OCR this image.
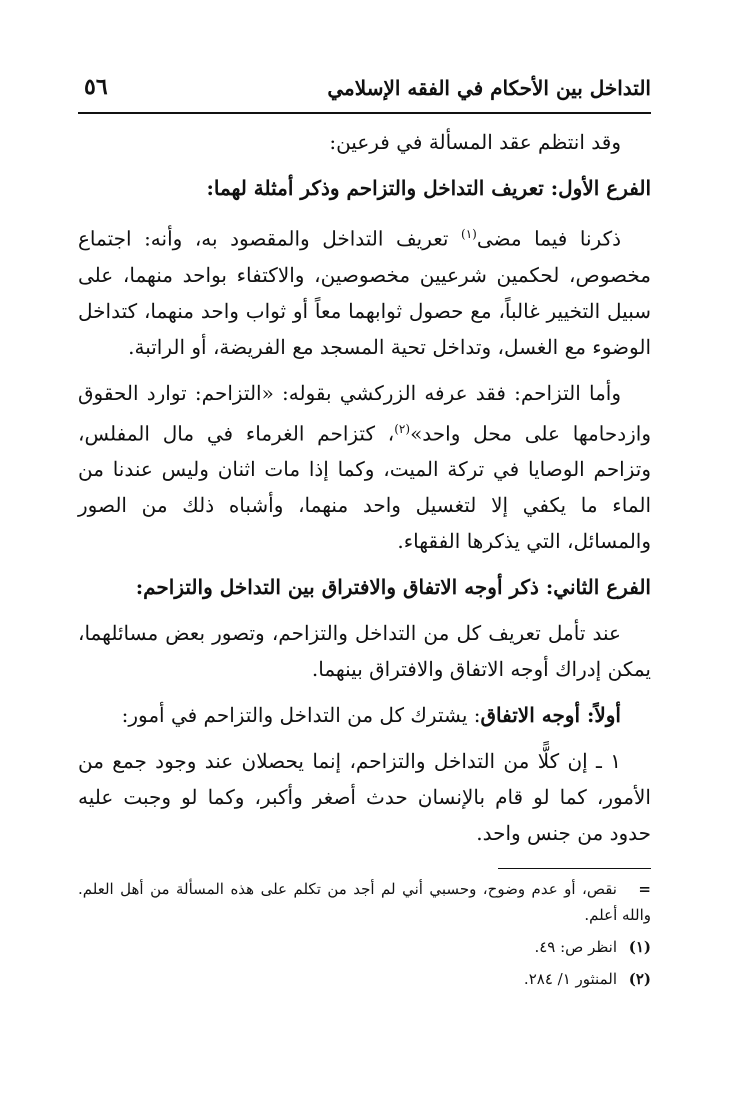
التداخل بين الأحكام في الفقه الإسلامي
٥٦

وقد انتظم عقد المسألة في فرعين:

الفرع الأول: تعريف التداخل والتزاحم وذكر أمثلة لهما:

ذكرنا فيما مضى$^{(١)}$ تعريف التداخل والمقصود به، وأنه: اجتماع مخصوص، لحكمين شرعيين مخصوصين، والاكتفاء بواحد منهما، على سبيل التخيير غالباً، مع حصول ثوابهما معاً أو ثواب واحد منهما، كتداخل الوضوء مع الغسل، وتداخل تحية المسجد مع الفريضة، أو الراتبة.

وأما التزاحم: فقد عرفه الزركشي بقوله: «التزاحم: توارد الحقوق وازدحامها على محل واحد»$^{(٢)}$، كتزاحم الغرماء في مال المفلس، وتزاحم الوصايا في تركة الميت، وكما إذا مات اثنان وليس عندنا من الماء ما يكفي إلا لتغسيل واحد منهما، وأشباه ذلك من الصور والمسائل، التي يذكرها الفقهاء.

الفرع الثاني: ذكر أوجه الاتفاق والافتراق بين التداخل والتزاحم:

عند تأمل تعريف كل من التداخل والتزاحم، وتصور بعض مسائلهما، يمكن إدراك أوجه الاتفاق والافتراق بينهما.

أولاً: أوجه الاتفاق: يشترك كل من التداخل والتزاحم في أمور:

١ ـ إن كلًّا من التداخل والتزاحم، إنما يحصلان عند وجود جمع من الأمور، كما لو قام بالإنسان حدث أصغر وأكبر، وكما لو وجبت عليه حدود من جنس واحد.

=نقص، أو عدم وضوح، وحسبي أني لم أجد من تكلم على هذه المسألة من أهل العلم. والله أعلم.

(١)انظر ص: ٤٩.

(٢)المنثور ١/ ٢٨٤.
